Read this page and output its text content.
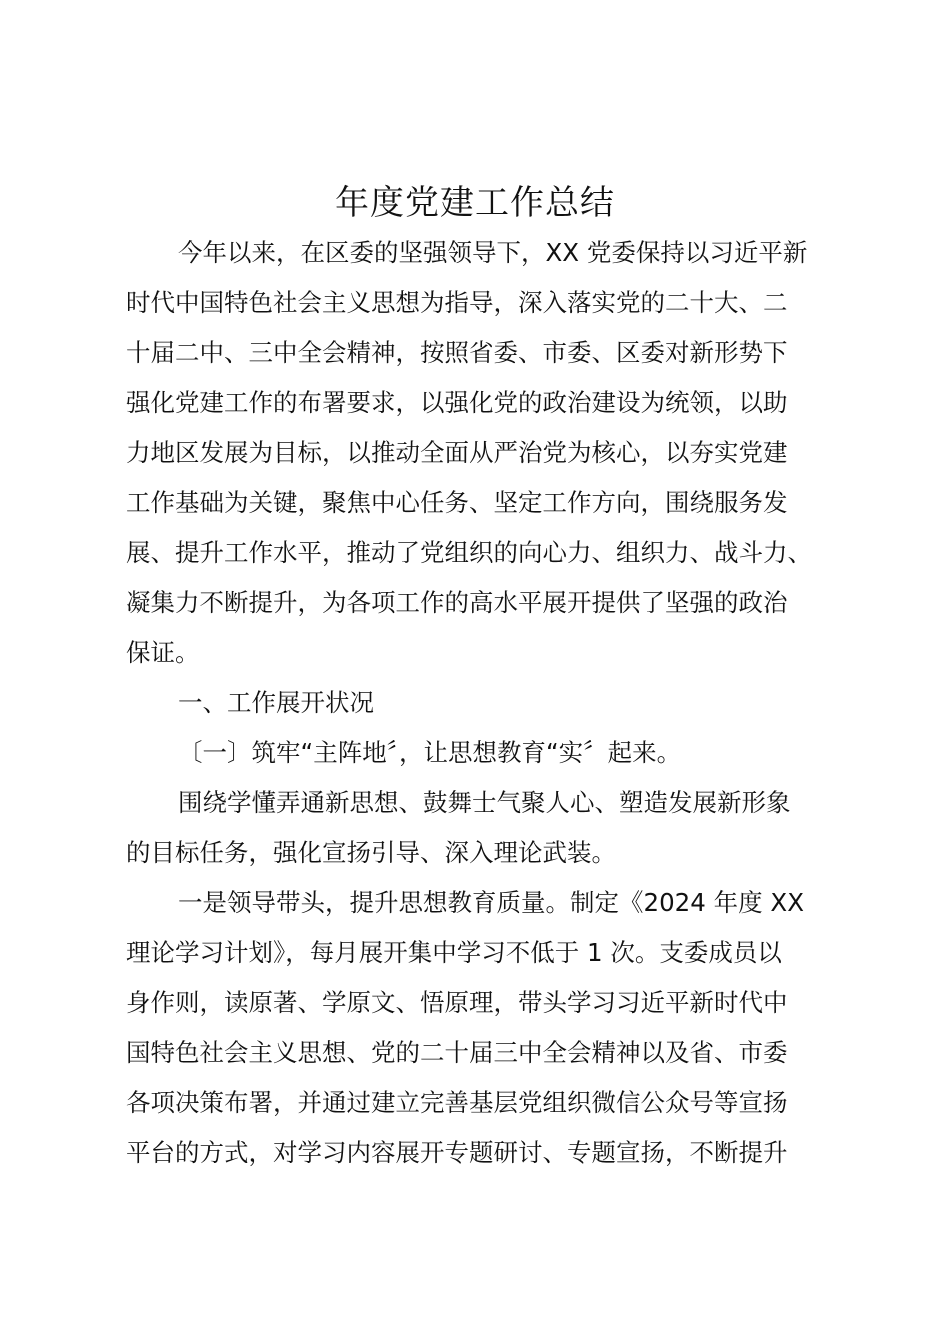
年度党建工作总结

今年以来，在区委的坚强领导下，XX 党委保持以习近平新

时代中国特色社会主义思想为指导，深入落实党的二十大、二

十届二中、三中全会精神，按照省委、市委、区委对新形势下

强化党建工作的布署要求，以强化党的政治建设为统领，以助

力地区发展为目标，以推动全面从严治党为核心，以夯实党建

工作基础为关键，聚焦中心任务、坚定工作方向，围绕服务发

展、提升工作水平，推动了党组织的向心力、组织力、战斗力、

凝集力不断提升，为各项工作的高水平展开提供了坚强的政治

保证。

一、工作展开状况

〔一〕筑牢“主阵地〞，让思想教育“实〞起来。

围绕学懂弄通新思想、鼓舞士气聚人心、塑造发展新形象

的目标任务，强化宣扬引导、深入理论武装。

一是领导带头，提升思想教育质量。制定《2024 年度 XX

理论学习计划》，每月展开集中学习不低于 1 次。支委成员以

身作则，读原著、学原文、悟原理，带头学习习近平新时代中

国特色社会主义思想、党的二十届三中全会精神以及省、市委

各项决策布署，并通过建立完善基层党组织微信公众号等宣扬

平台的方式，对学习内容展开专题研讨、专题宣扬，不断提升
